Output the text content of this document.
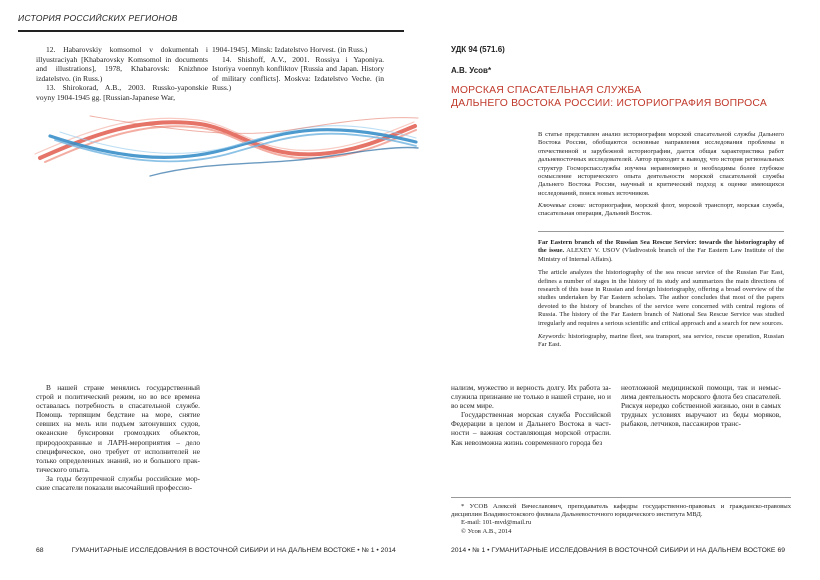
ИСТОРИЯ РОССИЙСКИХ РЕГИОНОВ

12. Habarovskiy komsomol v dokumentah i illyustraciyah [Khabarovsky Komsomol in documents and illustrations], 1978, Khabarovsk: Knizhnoe izdatelstvo. (in Russ.)

13. Shirokorad, A.B., 2003. Russko-yaponskie voyny 1904-1945 gg. [Russian-Japanese War,

1904-1945]. Minsk: Izdatelstvo Horvest. (in Russ.)

14. Shishoff, A.V., 2001. Rossiya i Yaponiya. Istoriya voennyh konfliktov [Russia and Japan. History of military conflicts]. Moskva: Izdatelstvo Veche. (in Russ.)

В нашей стране менялись государственный строй и политический режим, но во все времена оставалась потребность в спасательной службе. Помощь терпящим бедствие на море, снятие севших на мель или подъем затонувших судов, океанские буксировки громоздких объектов, природоохранные и ЛАРН-мероприятия – дело специфическое, оно требует от исполнителей не только определенных знаний, но и большого практического опыта.

За годы безупречной службы российские морские спасатели показали высочайший профессио-

68	ГУМАНИТАРНЫЕ ИССЛЕДОВАНИЯ В ВОСТОЧНОЙ СИБИРИ И НА ДАЛЬНЕМ ВОСТОКЕ • № 1 • 2014
УДК 94 (571.6)
А.В. Усов*
МОРСКАЯ СПАСАТЕЛЬНАЯ СЛУЖБА
ДАЛЬНЕГО ВОСТОКА РОССИИ: ИСТОРИОГРАФИЯ ВОПРОСА

В статье представлен анализ историографии морской спасательной службы Дальнего Востока России, обобщаются основные направления исследования проблемы в отечественной и зарубежной историографии, дается общая характеристика работ дальневосточных исследователей. Автор приходит к выводу, что история региональных структур Госморспасслужбы изучена неравномерно и необходимы более глубокое осмысление исторического опыта деятельности морской спасательной службы Дальнего Востока России, научный и критический подход к оценке имеющихся исследований, поиск новых источников.

Ключевые слова: историография, морской флот, морской транспорт, морская служба, спасательная операция, Дальний Восток.

Far Eastern branch of the Russian Sea Rescue Service: towards the historiography of the issue. ALEXEY V. USOV (Vladivostok branch of the Far Eastern Law Institute of the Ministry of Internal Affairs).

The article analyzes the historiography of the sea rescue service of the Russian Far East, defines a number of stages in the history of its study and summarizes the main directions of research of this issue in Russian and foreign historiography, offering a broad overview of the studies undertaken by Far Eastern scholars. The author concludes that most of the papers devoted to the history of branches of the service were concerned with central regions of Russia. The history of the Far Eastern branch of National Sea Rescue Service was studied irregularly and requires a serious scientific and critical approach and a search for new sources.

Keywords: historiography, marine fleet, sea transport, sea service, rescue operation, Russian Far East.

нализм, мужество и верность долгу. Их работа заслужила признание не только в нашей стране, но и во всем мире.

Государственная морская служба Российской Федерации в целом и Дальнего Востока в частности – важная составляющая морской отрасли. Как невозможна жизнь современного города без

неотложной медицинской помощи, так и немыслима деятельность морского флота без спасателей. Рискуя нередко собственной жизнью, они в самых трудных условиях выручают из беды моряков, рыбаков, летчиков, пассажиров транс-

* УСОВ Алексей Вячеславович, преподаватель кафедры государственно-правовых и гражданско-правовых дисциплин Владивостокского филиала Дальневосточного юридического института МВД.

E-mail: 101-mvd@mail.ru

© Усов А.В., 2014

2014 • № 1 • ГУМАНИТАРНЫЕ ИССЛЕДОВАНИЯ В ВОСТОЧНОЙ СИБИРИ И НА ДАЛЬНЕМ ВОСТОКЕ 69
